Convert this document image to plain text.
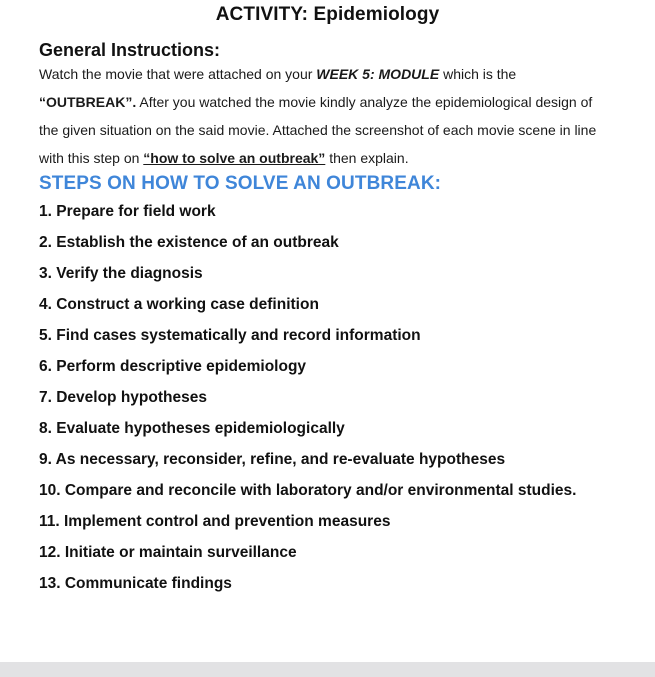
ACTIVITY: Epidemiology
General Instructions:
Watch the movie that were attached on your WEEK 5: MODULE which is the “OUTBREAK”. After you watched the movie kindly analyze the epidemiological design of the given situation on the said movie. Attached the screenshot of each movie scene in line with this step on “how to solve an outbreak” then explain.
STEPS ON HOW TO SOLVE AN OUTBREAK:
1. Prepare for field work
2. Establish the existence of an outbreak
3. Verify the diagnosis
4. Construct a working case definition
5. Find cases systematically and record information
6. Perform descriptive epidemiology
7. Develop hypotheses
8. Evaluate hypotheses epidemiologically
9. As necessary, reconsider, refine, and re-evaluate hypotheses
10. Compare and reconcile with laboratory and/or environmental studies.
11. Implement control and prevention measures
12. Initiate or maintain surveillance
13. Communicate findings
